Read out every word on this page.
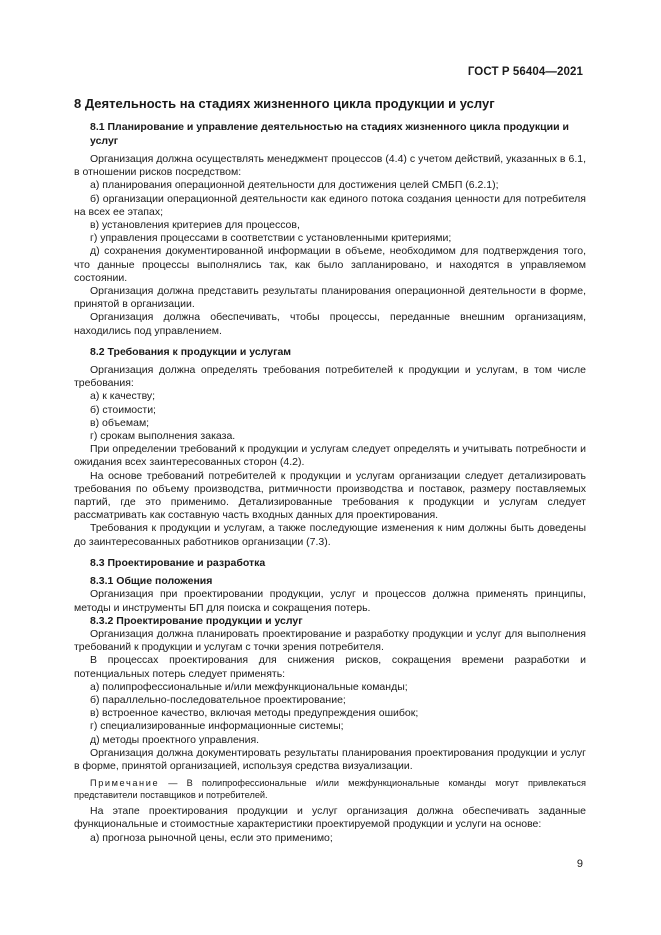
ГОСТ Р 56404—2021

8 Деятельность на стадиях жизненного цикла продукции и услуг

8.1 Планирование и управление деятельностью на стадиях жизненного цикла продукции и услуг

Организация должна осуществлять менеджмент процессов (4.4) с учетом действий, указанных в 6.1, в отношении рисков посредством:

а) планирования операционной деятельности для достижения целей СМБП (6.2.1);

б) организации операционной деятельности как единого потока создания ценности для потребителя на всех ее этапах;

в) установления критериев для процессов,

г) управления процессами в соответствии с установленными критериями;

д) сохранения документированной информации в объеме, необходимом для подтверждения того, что данные процессы выполнялись так, как было запланировано, и находятся в управляемом состоянии.

Организация должна представить результаты планирования операционной деятельности в форме, принятой в организации.

Организация должна обеспечивать, чтобы процессы, переданные внешним организациям, находились под управлением.

8.2 Требования к продукции и услугам

Организация должна определять требования потребителей к продукции и услугам, в том числе требования:

а) к качеству;

б) стоимости;

в) объемам;

г) срокам выполнения заказа.

При определении требований к продукции и услугам следует определять и учитывать потребности и ожидания всех заинтересованных сторон (4.2).

На основе требований потребителей к продукции и услугам организации следует детализировать требования по объему производства, ритмичности производства и поставок, размеру поставляемых партий, где это применимо. Детализированные требования к продукции и услугам следует рассматривать как составную часть входных данных для проектирования.

Требования к продукции и услугам, а также последующие изменения к ним должны быть доведены до заинтересованных работников организации (7.3).

8.3 Проектирование и разработка

8.3.1 Общие положения

Организация при проектировании продукции, услуг и процессов должна применять принципы, методы и инструменты БП для поиска и сокращения потерь.

8.3.2 Проектирование продукции и услуг

Организация должна планировать проектирование и разработку продукции и услуг для выполнения требований к продукции и услугам с точки зрения потребителя.

В процессах проектирования для снижения рисков, сокращения времени разработки и потенциальных потерь следует применять:

а) полипрофессиональные и/или межфункциональные команды;

б) параллельно-последовательное проектирование;

в) встроенное качество, включая методы предупреждения ошибок;

г) специализированные информационные системы;

д) методы проектного управления.

Организация должна документировать результаты планирования проектирования продукции и услуг в форме, принятой организацией, используя средства визуализации.

Примечание — В полипрофессиональные и/или межфункциональные команды могут привлекаться представители поставщиков и потребителей.

На этапе проектирования продукции и услуг организация должна обеспечивать заданные функциональные и стоимостные характеристики проектируемой продукции и услуги на основе:

а) прогноза рыночной цены, если это применимо;

9
